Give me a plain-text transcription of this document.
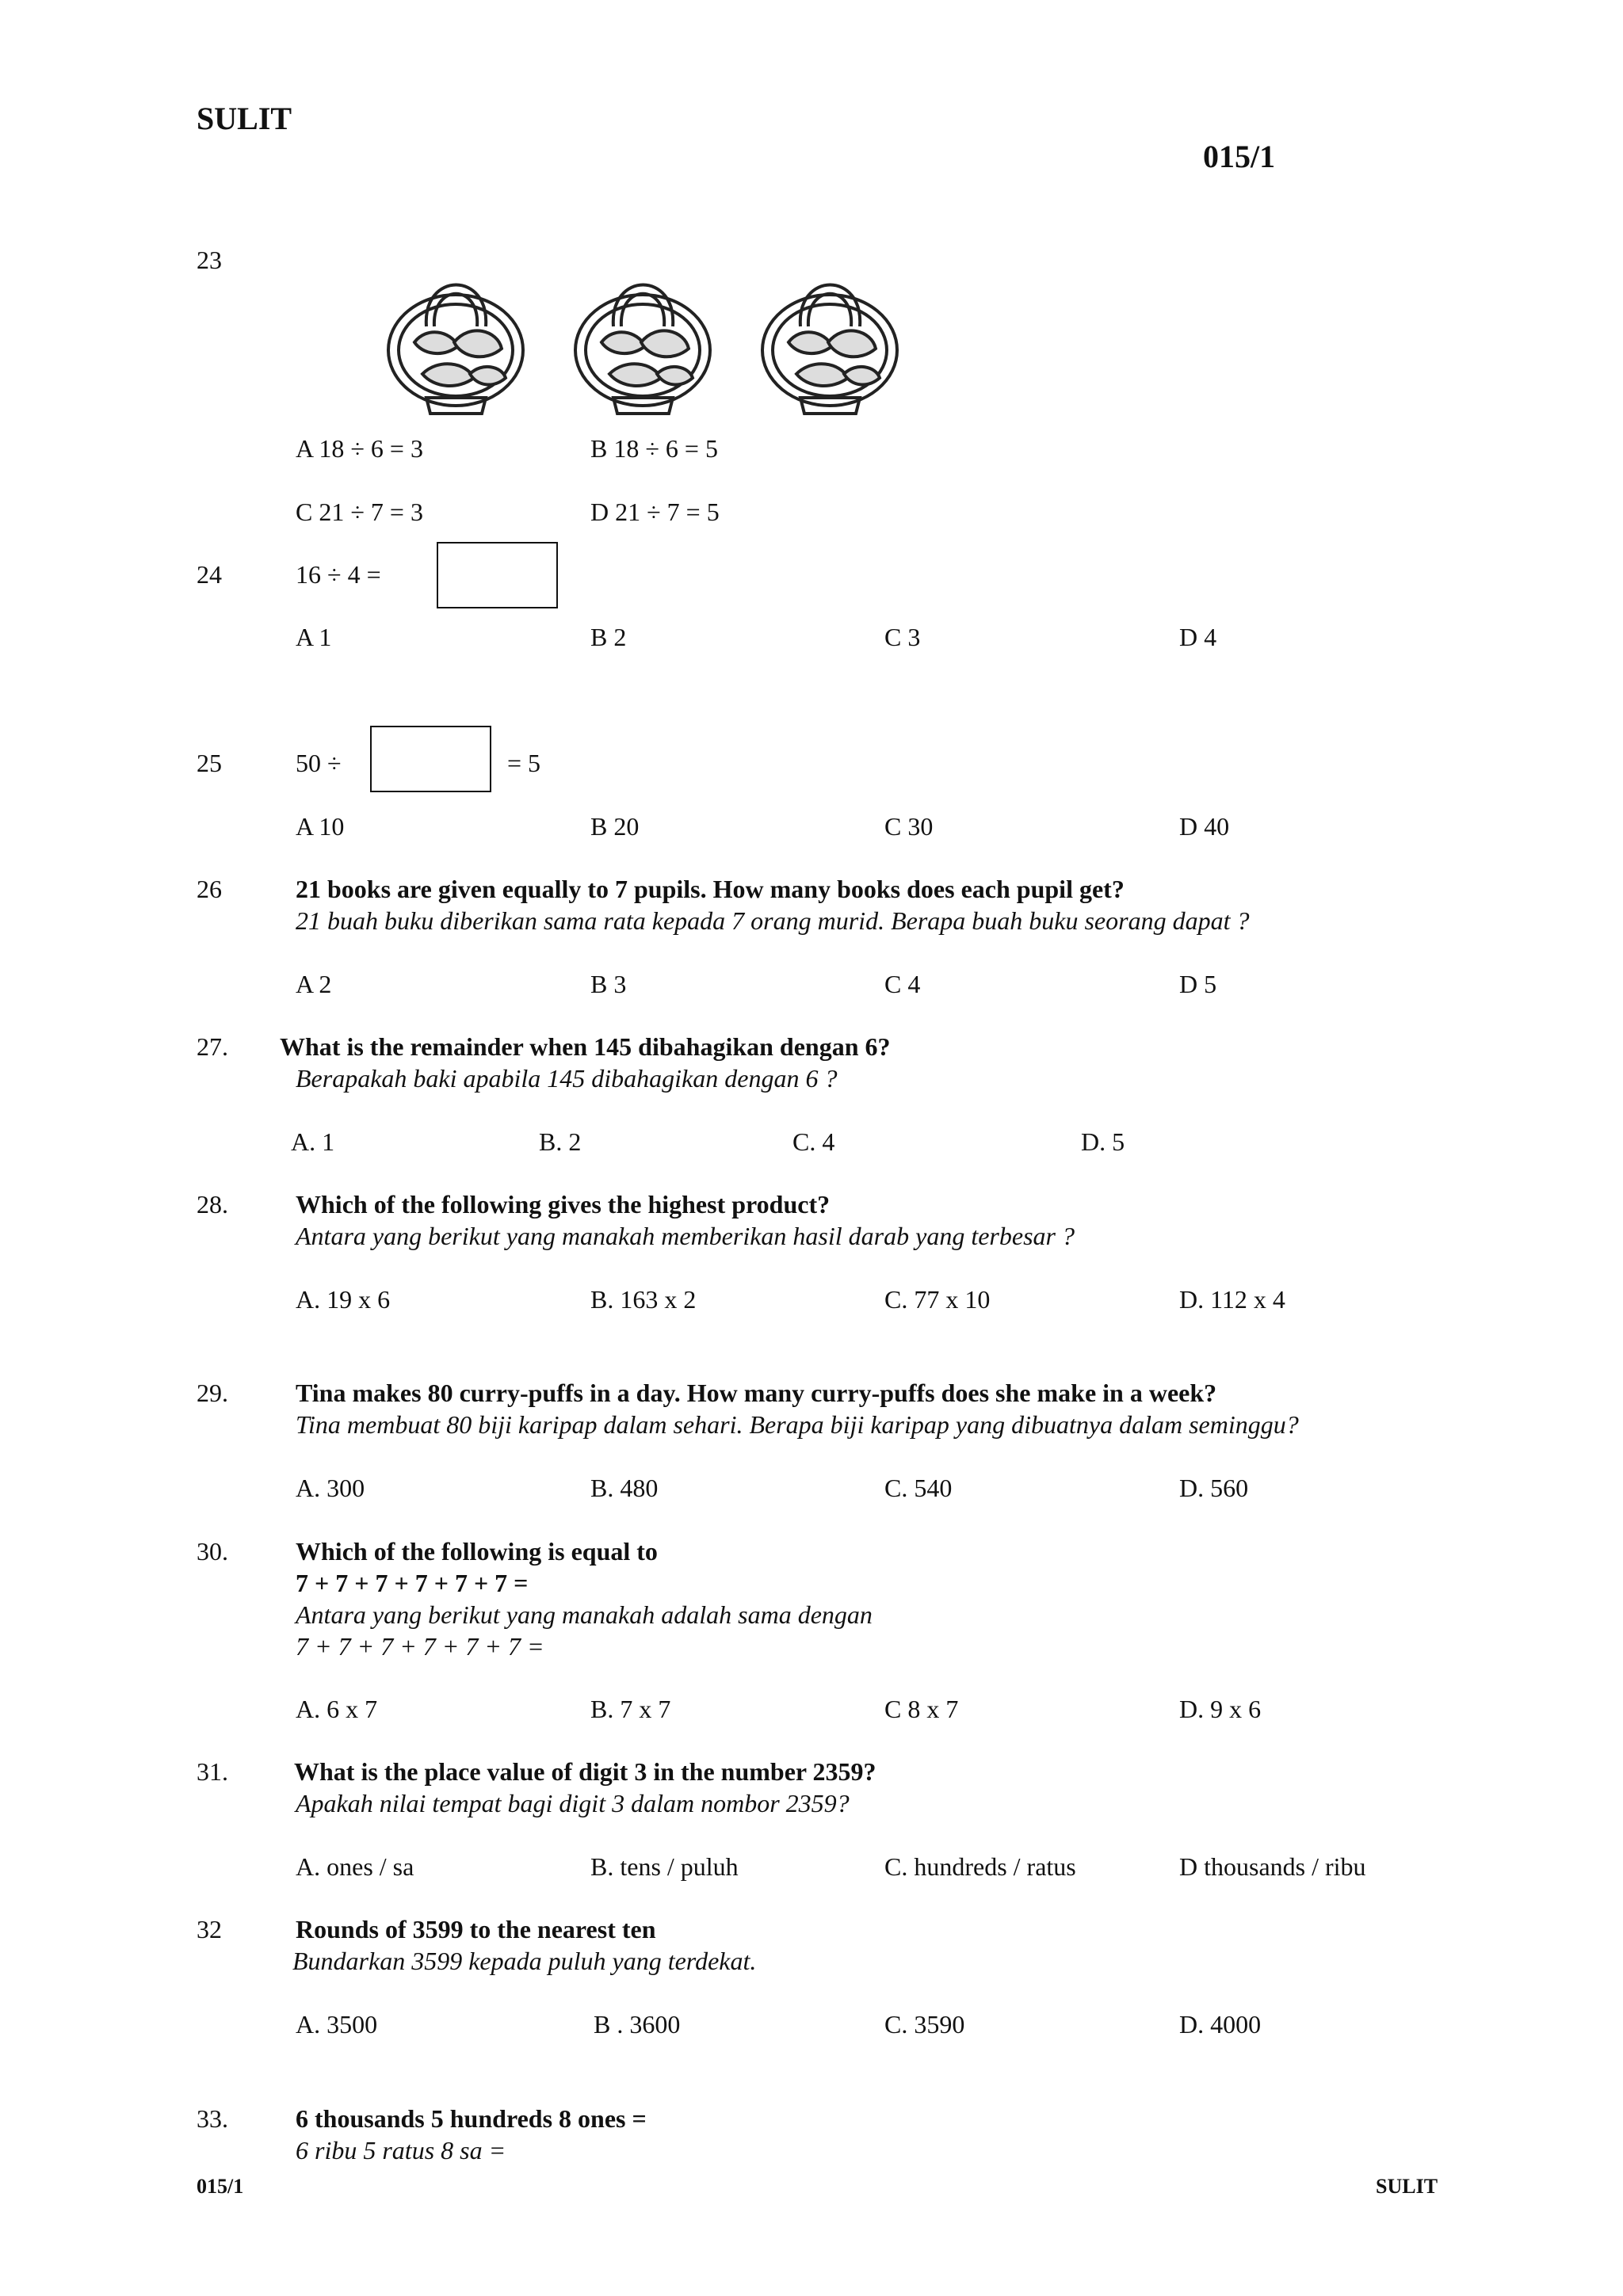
SULIT
015/1
23
A 18 ÷ 6 = 3	B 18 ÷ 6 = 5
C 21 ÷ 7 = 3	D 21 ÷ 7 = 5
24	16 ÷ 4 =
A 1	B 2	C 3	D 4
25	50 ÷	= 5
A 10	B 20	C 30	D 40
26	21 books are given equally to 7 pupils. How many books does each pupil get?
21 buah buku diberikan sama rata kepada 7 orang murid. Berapa buah buku seorang dapat ?
A 2	B 3	C 4	D 5
27. What is the remainder when 145 dibahagikan dengan 6?
Berapakah baki apabila 145 dibahagikan dengan 6 ?
A. 1	B. 2	C. 4	D. 5
28.	Which of the following gives the highest product?
Antara yang berikut yang manakah memberikan hasil darab yang terbesar ?
A. 19 x 6	B. 163 x 2	C. 77 x 10	D. 112 x 4
29.	Tina makes 80 curry-puffs in a day. How many curry-puffs does she make in a week?
Tina membuat 80 biji karipap dalam sehari. Berapa biji karipap yang dibuatnya dalam seminggu?
A. 300	B. 480	C. 540	D. 560
30.	Which of the following is equal to
7 + 7 + 7 + 7 + 7 + 7 =
Antara yang berikut yang manakah adalah sama dengan
7 + 7 + 7 + 7 + 7 + 7 =
A. 6 x 7	B. 7 x 7	C 8 x 7	D. 9 x 6
31.	What is the place value of digit 3 in the number 2359?
Apakah nilai tempat bagi digit 3 dalam nombor 2359?
A. ones / sa	B. tens / puluh	C. hundreds / ratus	D thousands / ribu
32	Rounds of 3599 to the nearest ten
Bundarkan 3599 kepada puluh yang terdekat.
A. 3500	B . 3600	C. 3590	D. 4000
33.	6 thousands 5 hundreds 8 ones =
6 ribu 5 ratus 8 sa =
015/1	SULIT
